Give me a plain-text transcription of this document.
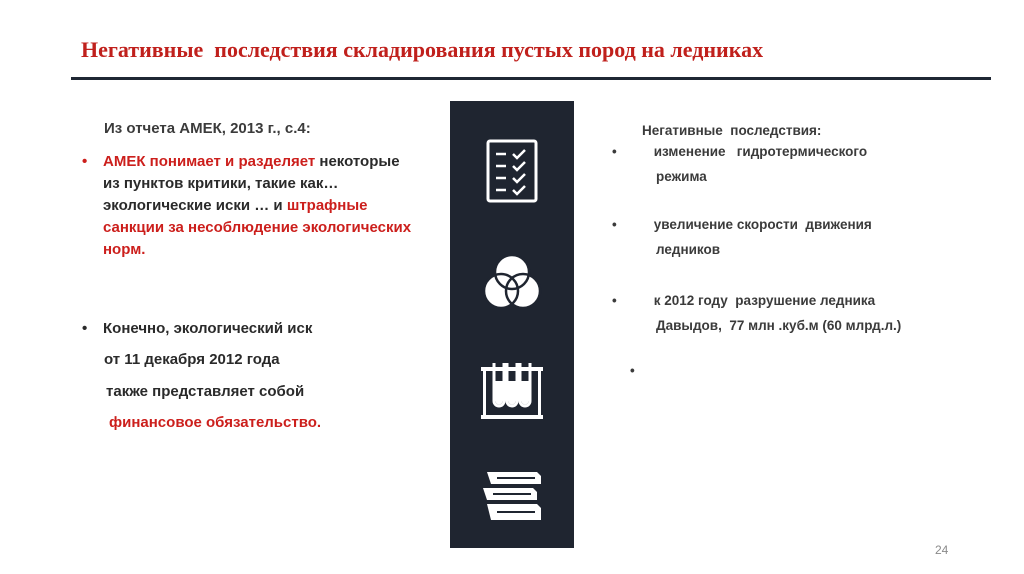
Негативные  последствия складирования пустых пород на ледниках
Из отчета АМЕК, 2013 г., с.4:
•	АМЕК понимает и разделяет некоторые из пунктов критики, такие как… экологические иски … и штрафные санкции за несоблюдение экологических норм.
•	Конечно, экологический иск
от 11 декабря 2012 года
также представляет собой
финансовое обязательство.
Негативные  последствия:
• изменение   гидротермического
режима
• увеличение скорости  движения
ледников
• к 2012 году  разрушение ледника
Давыдов,  77 млн .куб.м (60 млрд.л.)
•
24
